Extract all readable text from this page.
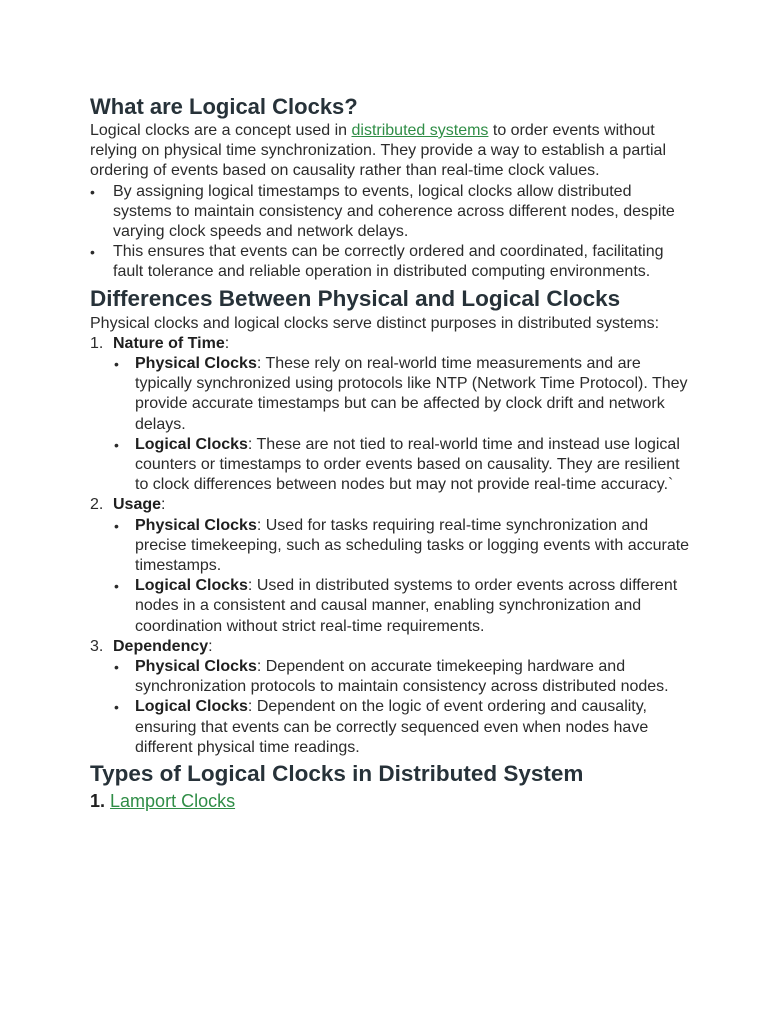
What are Logical Clocks?

Logical clocks are a concept used in distributed systems to order events without relying on physical time synchronization. They provide a way to establish a partial ordering of events based on causality rather than real-time clock values.

• By assigning logical timestamps to events, logical clocks allow distributed systems to maintain consistency and coherence across different nodes, despite varying clock speeds and network delays.
• This ensures that events can be correctly ordered and coordinated, facilitating fault tolerance and reliable operation in distributed computing environments.
Differences Between Physical and Logical Clocks

Physical clocks and logical clocks serve distinct purposes in distributed systems:

1. Nature of Time:
• Physical Clocks: These rely on real-world time measurements and are typically synchronized using protocols like NTP (Network Time Protocol). They provide accurate timestamps but can be affected by clock drift and network delays.
• Logical Clocks: These are not tied to real-world time and instead use logical counters or timestamps to order events based on causality. They are resilient to clock differences between nodes but may not provide real-time accuracy.`
2. Usage:
• Physical Clocks: Used for tasks requiring real-time synchronization and precise timekeeping, such as scheduling tasks or logging events with accurate timestamps.
• Logical Clocks: Used in distributed systems to order events across different nodes in a consistent and causal manner, enabling synchronization and coordination without strict real-time requirements.
3. Dependency:
• Physical Clocks: Dependent on accurate timekeeping hardware and synchronization protocols to maintain consistency across distributed nodes.
• Logical Clocks: Dependent on the logic of event ordering and causality, ensuring that events can be correctly sequenced even when nodes have different physical time readings.
Types of Logical Clocks in Distributed System

1. Lamport Clocks
